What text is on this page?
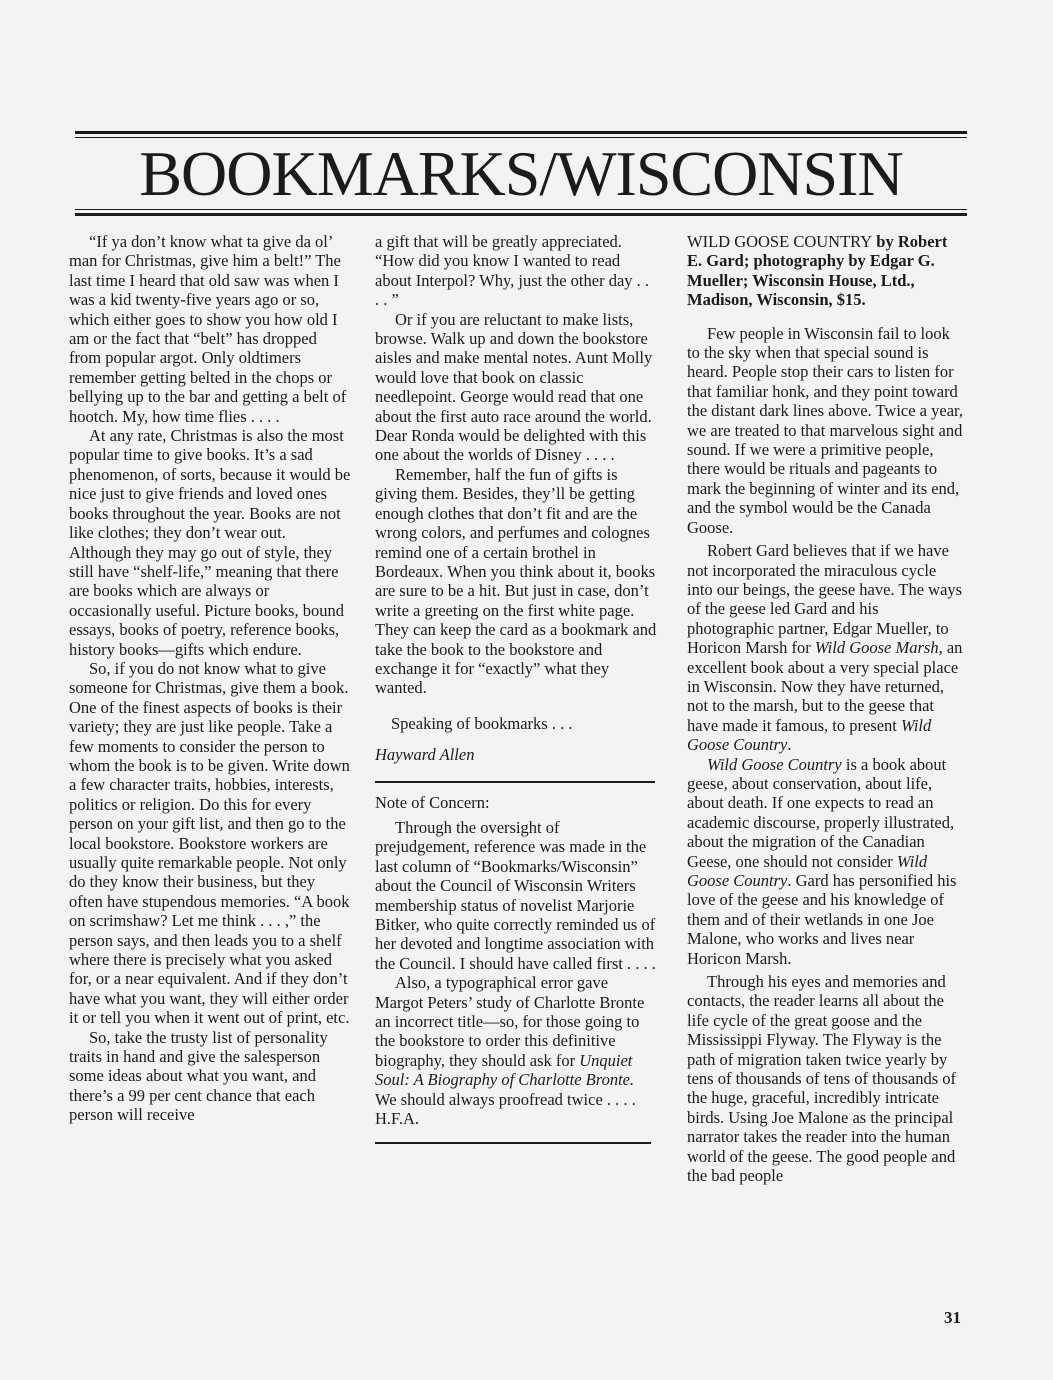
BOOKMARKS/WISCONSIN

“If ya don’t know what ta give da ol’ man for Christmas, give him a belt!” The last time I heard that old saw was when I was a kid twenty-five years ago or so, which either goes to show you how old I am or the fact that “belt” has dropped from popular argot. Only oldtimers remember getting belted in the chops or bellying up to the bar and getting a belt of hootch. My, how time flies . . . .

At any rate, Christmas is also the most popular time to give books. It’s a sad phenomenon, of sorts, because it would be nice just to give friends and loved ones books throughout the year. Books are not like clothes; they don’t wear out. Although they may go out of style, they still have “shelf-life,” meaning that there are books which are always or occasionally useful. Picture books, bound essays, books of poetry, reference books, history books—gifts which endure.

So, if you do not know what to give someone for Christmas, give them a book. One of the finest aspects of books is their variety; they are just like people. Take a few moments to consider the person to whom the book is to be given. Write down a few character traits, hobbies, interests, politics or religion. Do this for every person on your gift list, and then go to the local bookstore. Bookstore workers are usually quite remarkable people. Not only do they know their business, but they often have stupendous memories. “A book on scrimshaw? Let me think . . . ,” the person says, and then leads you to a shelf where there is precisely what you asked for, or a near equivalent. And if they don’t have what you want, they will either order it or tell you when it went out of print, etc.

So, take the trusty list of personality traits in hand and give the salesperson some ideas about what you want, and there’s a 99 per cent chance that each person will receive

a gift that will be greatly appreciated. “How did you know I wanted to read about Interpol? Why, just the other day . . . . ”

Or if you are reluctant to make lists, browse. Walk up and down the bookstore aisles and make mental notes. Aunt Molly would love that book on classic needlepoint. George would read that one about the first auto race around the world. Dear Ronda would be delighted with this one about the worlds of Disney . . . .

Remember, half the fun of gifts is giving them. Besides, they’ll be getting enough clothes that don’t fit and are the wrong colors, and perfumes and colognes remind one of a certain brothel in Bordeaux. When you think about it, books are sure to be a hit. But just in case, don’t write a greeting on the first white page. They can keep the card as a bookmark and take the book to the bookstore and exchange it for “exactly” what they wanted.

Speaking of bookmarks . . .

Hayward Allen

Note of Concern:

Through the oversight of prejudgement, reference was made in the last column of “Bookmarks/Wisconsin” about the Council of Wisconsin Writers membership status of novelist Marjorie Bitker, who quite correctly reminded us of her devoted and longtime association with the Council. I should have called first . . . .

Also, a typographical error gave Margot Peters’ study of Charlotte Bronte an incorrect title—so, for those going to the bookstore to order this definitive biography, they should ask for Unquiet Soul: A Biography of Charlotte Bronte. We should always proofread twice . . . .

H.F.A.

WILD GOOSE COUNTRY by Robert E. Gard; photography by Edgar G. Mueller; Wisconsin House, Ltd., Madison, Wisconsin, $15.

Few people in Wisconsin fail to look to the sky when that special sound is heard. People stop their cars to listen for that familiar honk, and they point toward the distant dark lines above. Twice a year, we are treated to that marvelous sight and sound. If we were a primitive people, there would be rituals and pageants to mark the beginning of winter and its end, and the symbol would be the Canada Goose.

Robert Gard believes that if we have not incorporated the miraculous cycle into our beings, the geese have. The ways of the geese led Gard and his photographic partner, Edgar Mueller, to Horicon Marsh for Wild Goose Marsh, an excellent book about a very special place in Wisconsin. Now they have returned, not to the marsh, but to the geese that have made it famous, to present Wild Goose Country.

Wild Goose Country is a book about geese, about conservation, about life, about death. If one expects to read an academic discourse, properly illustrated, about the migration of the Canadian Geese, one should not consider Wild Goose Country. Gard has personified his love of the geese and his knowledge of them and of their wetlands in one Joe Malone, who works and lives near Horicon Marsh.

Through his eyes and memories and contacts, the reader learns all about the life cycle of the great goose and the Mississippi Flyway. The Flyway is the path of migration taken twice yearly by tens of thousands of tens of thousands of the huge, graceful, incredibly intricate birds. Using Joe Malone as the principal narrator takes the reader into the human world of the geese. The good people and the bad people

31
